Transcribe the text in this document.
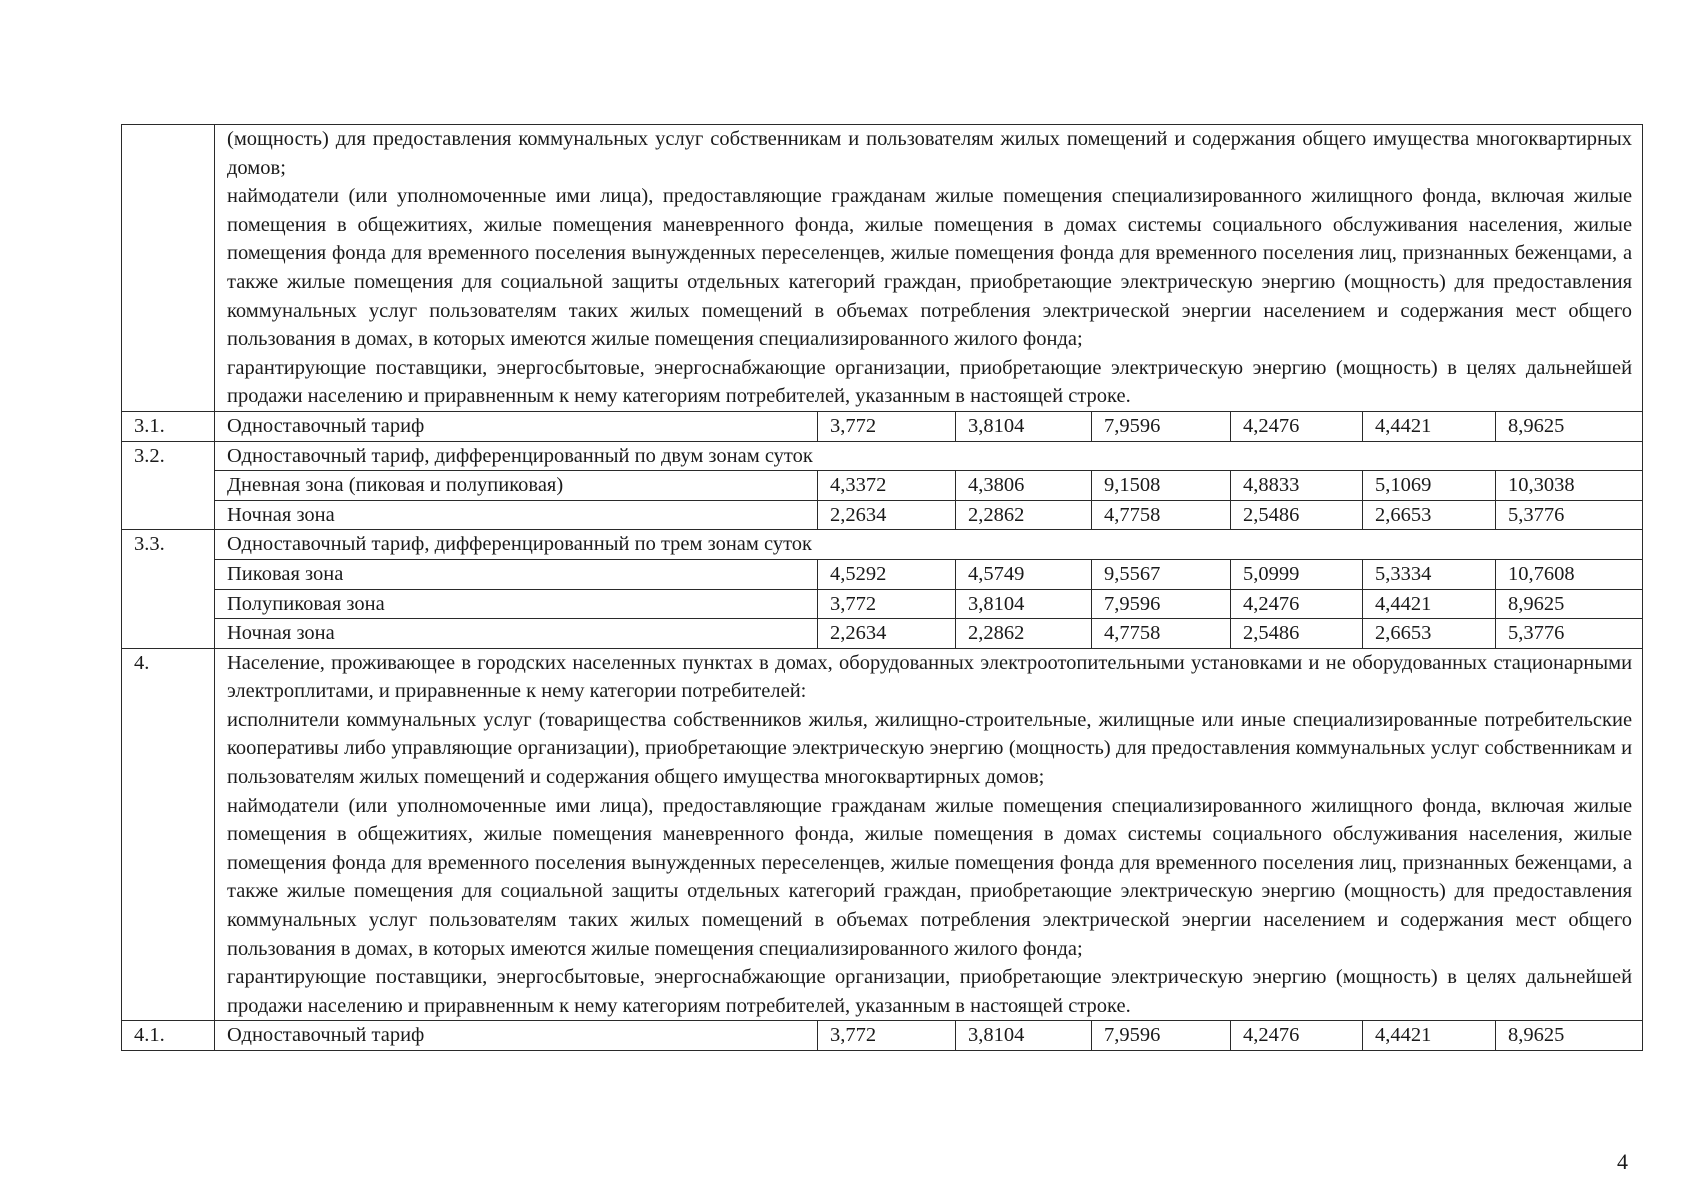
	(мощность) для предоставления коммунальных услуг собственникам и пользователям жилых помещений и содержания общего имущества многоквартирных домов;

наймодатели (или уполномоченные ими лица), предоставляющие гражданам жилые помещения специализированного жилищного фонда, включая жилые помещения в общежитиях, жилые помещения маневренного фонда, жилые помещения в домах системы социального обслуживания населения, жилые помещения фонда для временного поселения вынужденных переселенцев, жилые помещения фонда для временного поселения лиц, признанных беженцами, а также жилые помещения для социальной защиты отдельных категорий граждан, приобретающие электрическую энергию (мощность) для предоставления коммунальных услуг пользователям таких жилых помещений в объемах потребления электрической энергии населением и содержания мест общего пользования в домах, в которых имеются жилые помещения специализированного жилого фонда;

гарантирующие поставщики, энергосбытовые, энергоснабжающие организации, приобретающие электрическую энергию (мощность) в целях дальнейшей продажи населению и приравненным к нему категориям потребителей, указанным в настоящей строке.						

3.1.	Одноставочный тариф	3,772	3,8104	7,9596	4,2476	4,4421	8,9625
3.2.	Одноставочный тариф, дифференцированный по двум зонам суток						
	Дневная зона (пиковая и полупиковая)	4,3372	4,3806	9,1508	4,8833	5,1069	10,3038
	Ночная зона	2,2634	2,2862	4,7758	2,5486	2,6653	5,3776
3.3.	Одноставочный тариф, дифференцированный по трем зонам суток						
	Пиковая зона	4,5292	4,5749	9,5567	5,0999	5,3334	10,7608
	Полупиковая зона	3,772	3,8104	7,9596	4,2476	4,4421	8,9625
	Ночная зона	2,2634	2,2862	4,7758	2,5486	2,6653	5,3776
4.	Население, проживающее в городских населенных пунктах в домах, оборудованных электроотопительными установками и не оборудованных стационарными электроплитами, и приравненные к нему категории потребителей:

исполнители коммунальных услуг (товарищества собственников жилья, жилищно-строительные, жилищные или иные специализированные потребительские кооперативы либо управляющие организации), приобретающие электрическую энергию (мощность) для предоставления коммунальных услуг собственникам и пользователям жилых помещений и содержания общего имущества многоквартирных домов;

наймодатели (или уполномоченные ими лица), предоставляющие гражданам жилые помещения специализированного жилищного фонда, включая жилые помещения в общежитиях, жилые помещения маневренного фонда, жилые помещения в домах системы социального обслуживания населения, жилые помещения фонда для временного поселения вынужденных переселенцев, жилые помещения фонда для временного поселения лиц, признанных беженцами, а также жилые помещения для социальной защиты отдельных категорий граждан, приобретающие электрическую энергию (мощность) для предоставления коммунальных услуг пользователям таких жилых помещений в объемах потребления электрической энергии населением и содержания мест общего пользования в домах, в которых имеются жилые помещения специализированного жилого фонда;

гарантирующие поставщики, энергосбытовые, энергоснабжающие организации, приобретающие электрическую энергию (мощность) в целях дальнейшей продажи населению и приравненным к нему категориям потребителей, указанным в настоящей строке.						

4.1.	Одноставочный тариф	3,772	3,8104	7,9596	4,2476	4,4421	8,9625
4
